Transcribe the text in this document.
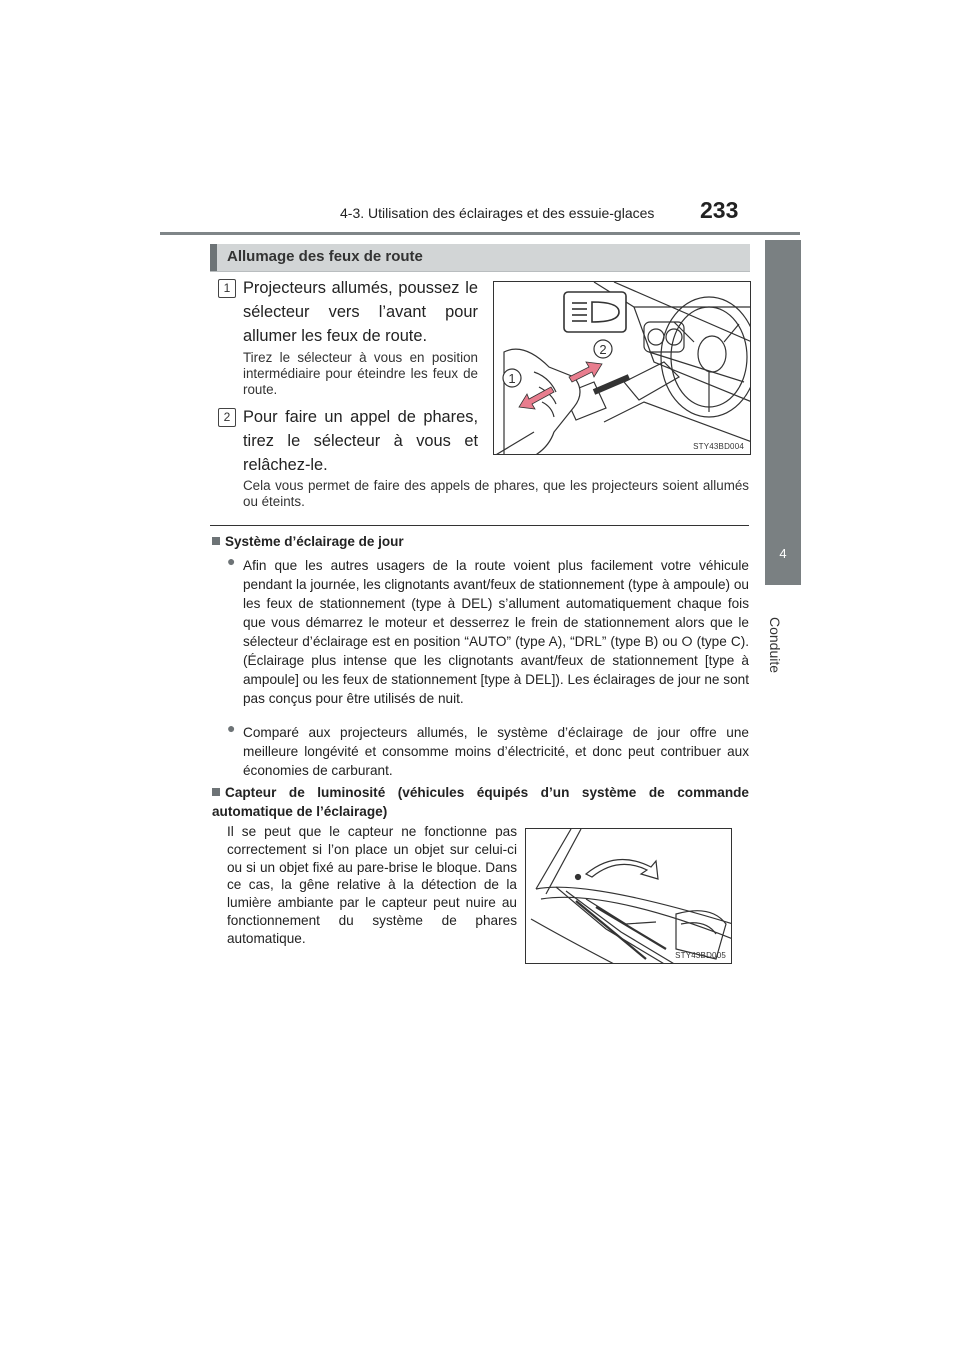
4-3. Utilisation des éclairages et des essuie-glaces 233
4
Conduite
Allumage des feux de route
1 Projecteurs allumés, poussez le sélecteur vers l’avant pour allumer les feux de route.
Tirez le sélecteur à vous en position intermédiaire pour éteindre les feux de route.
2 Pour faire un appel de phares, tirez le sélecteur à vous et relâchez-le.
Cela vous permet de faire des appels de phares, que les projecteurs soient allumés ou éteints.
2
1
STY43BD004
Système d’éclairage de jour
● Afin que les autres usagers de la route voient plus facilement votre véhicule pendant la journée, les clignotants avant/feux de stationnement (type à ampoule) ou les feux de stationnement (type à DEL) s’allument automatiquement chaque fois que vous démarrez le moteur et desserrez le frein de stationnement alors que le sélecteur d’éclairage est en position “AUTO” (type A), “DRL” (type B) ou ⭘ (type C). (Éclairage plus intense que les clignotants avant/feux de stationnement [type à ampoule] ou les feux de stationnement [type à DEL]). Les éclairages de jour ne sont pas conçus pour être utilisés de nuit.
● Comparé aux projecteurs allumés, le système d’éclairage de jour offre une meilleure longévité et consomme moins d’électricité, et donc peut contribuer aux économies de carburant.
Capteur de luminosité (véhicules équipés d’un système de commande automatique de l’éclairage)
Il se peut que le capteur ne fonctionne pas correctement si l’on place un objet sur celui-ci ou si un objet fixé au pare-brise le bloque. Dans ce cas, la gêne relative à la détection de la lumière ambiante par le capteur peut nuire au fonctionnement du système de phares automatique.
STY43BD005
